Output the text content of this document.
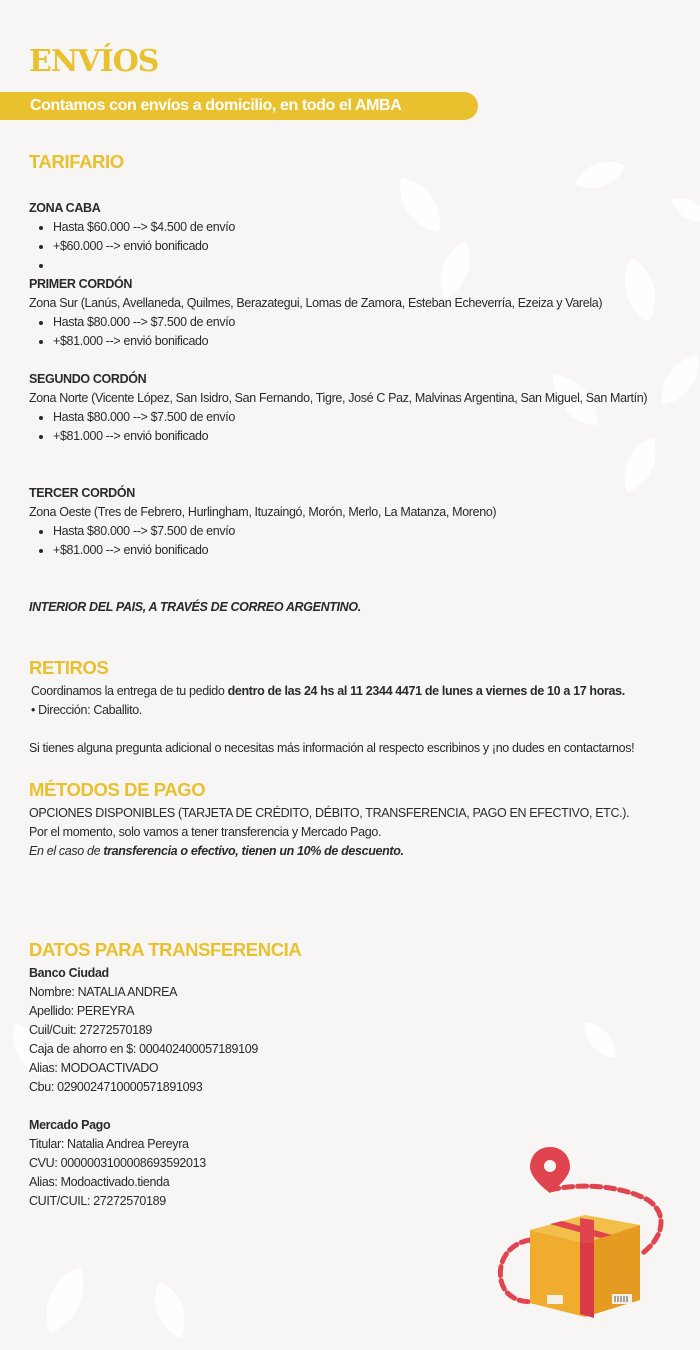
ENVÍOS
Contamos con envíos a domicilio, en todo el AMBA
TARIFARIO

ZONA CABA

• Hasta $60.000 --> $4.500 de envío
• +$60.000 --> envió bonificado
•

PRIMER CORDÓN

Zona Sur (Lanús, Avellaneda, Quilmes, Berazategui, Lomas de Zamora, Esteban Echeverría, Ezeiza y Varela)

• Hasta $80.000 --> $7.500 de envío
• +$81.000 --> envió bonificado

SEGUNDO CORDÓN

Zona Norte (Vicente López, San Isidro, San Fernando, Tigre, José C Paz, Malvinas Argentina, San Miguel, San Martín)

• Hasta $80.000 --> $7.500 de envío
• +$81.000 --> envió bonificado

TERCER CORDÓN

Zona Oeste (Tres de Febrero, Hurlingham, Ituzaingó, Morón, Merlo, La Matanza, Moreno)

• Hasta $80.000 --> $7.500 de envío
• +$81.000 --> envió bonificado

INTERIOR DEL PAIS, A TRAVÉS DE CORREO ARGENTINO.

RETIROS

Coordinamos la entrega de tu pedido dentro de las 24 hs al 11 2344 4471 de lunes a viernes de 10 a 17 horas.

• Dirección: Caballito.

Si tienes alguna pregunta adicional o necesitas más información al respecto escribinos y ¡no dudes en contactarnos!

MÉTODOS DE PAGO

OPCIONES DISPONIBLES (TARJETA DE CRÉDITO, DÉBITO, TRANSFERENCIA, PAGO EN EFECTIVO, ETC.).

Por el momento, solo vamos a tener transferencia y Mercado Pago.

En el caso de transferencia o efectivo, tienen un 10% de descuento.

DATOS PARA TRANSFERENCIA

Banco Ciudad

Nombre: NATALIA ANDREA

Apellido: PEREYRA

Cuil/Cuit: 27272570189

Caja de ahorro en $: 000402400057189109

Alias: MODOACTIVADO

Cbu: 0290024710000571891093

Mercado Pago

Titular: Natalia Andrea Pereyra

CVU: 0000003100008693592013

Alias: Modoactivado.tienda

CUIT/CUIL: 27272570189
